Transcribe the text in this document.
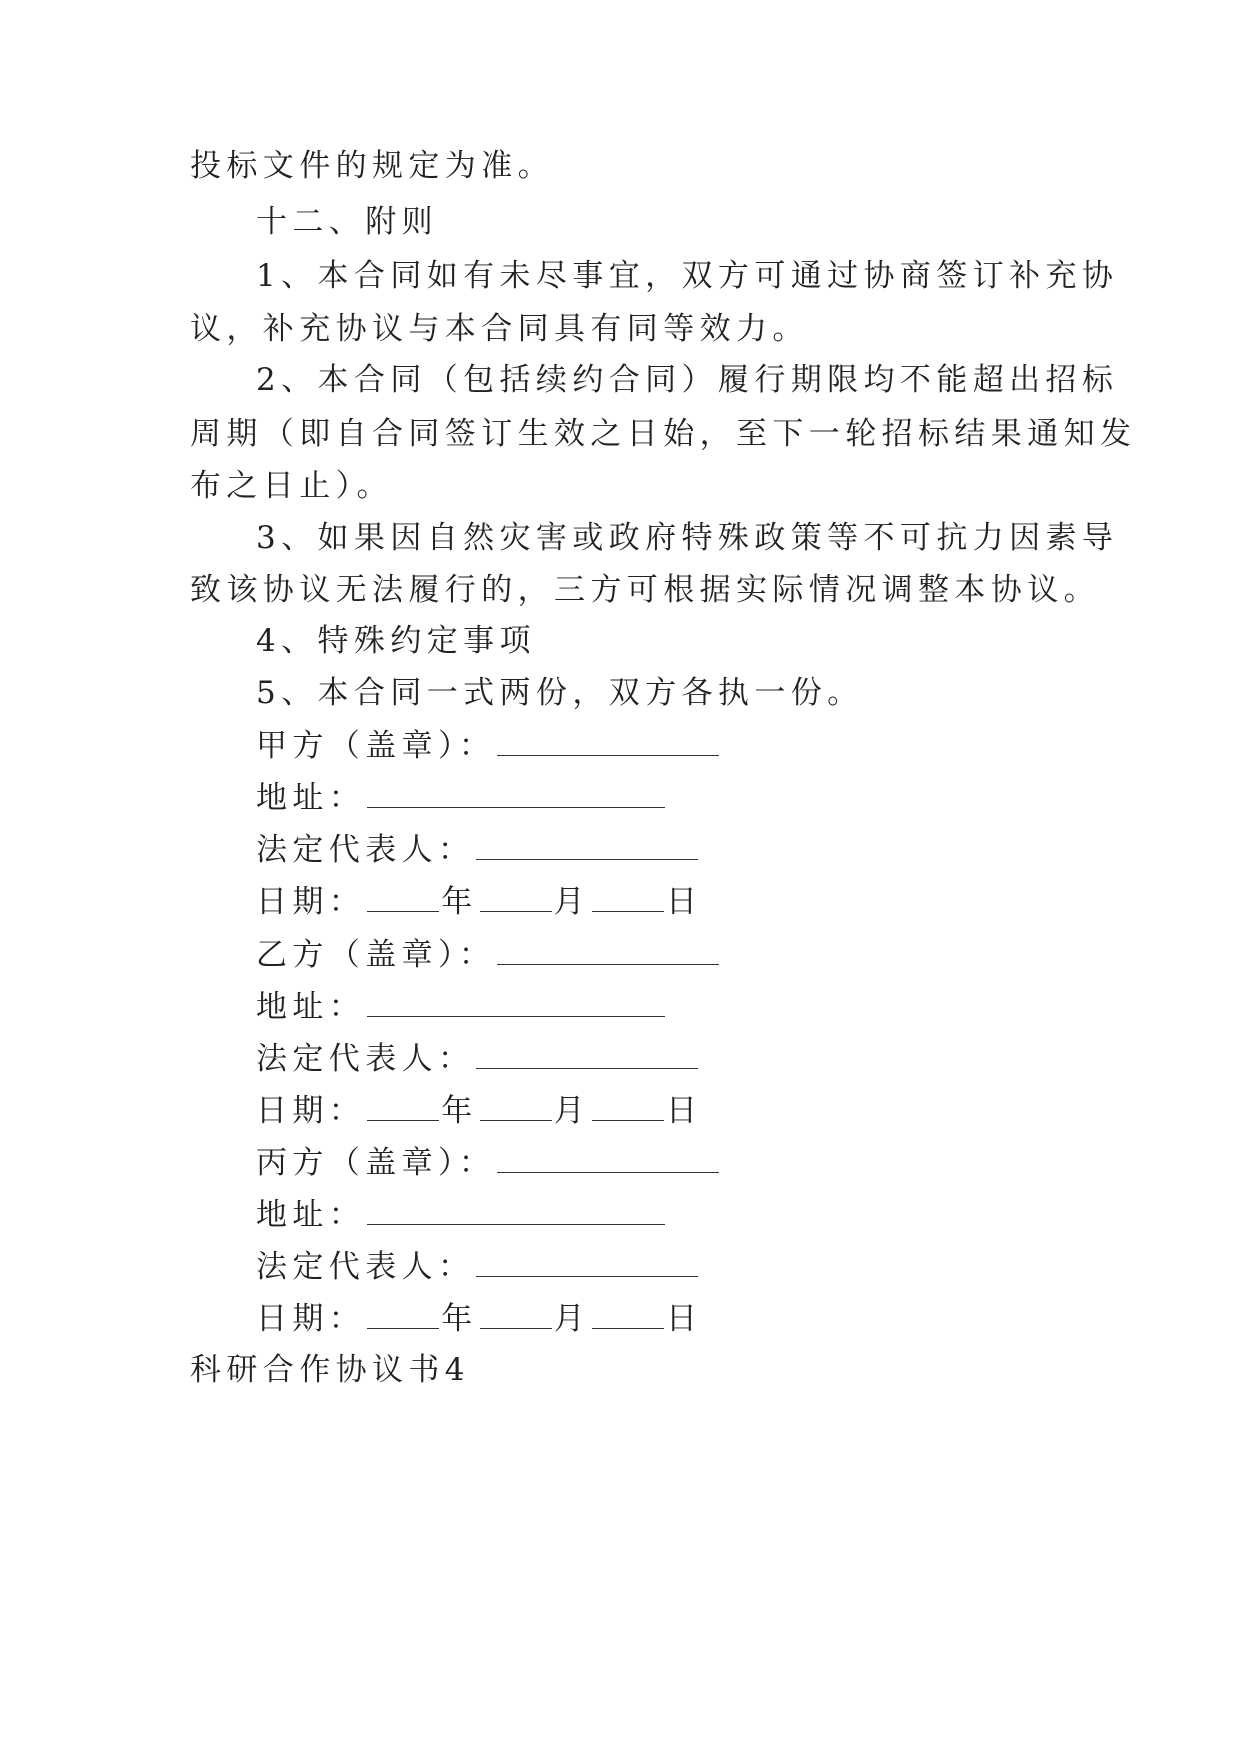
投标文件的规定为准。
十二、附则
1、本合同如有未尽事宜，双方可通过协商签订补充协
议，补充协议与本合同具有同等效力。
2、本合同（包括续约合同）履行期限均不能超出招标
周期（即自合同签订生效之日始，至下一轮招标结果通知发
布之日止）。
3、如果因自然灾害或政府特殊政策等不可抗力因素导
致该协议无法履行的，三方可根据实际情况调整本协议。
4、特殊约定事项
5、本合同一式两份，双方各执一份。
甲方（盖章）：
地址：
法定代表人：
日期： 年 月 日
乙方（盖章）：
地址：
法定代表人：
日期： 年 月 日
丙方（盖章）：
地址：
法定代表人：
日期： 年 月 日
科研合作协议书4
